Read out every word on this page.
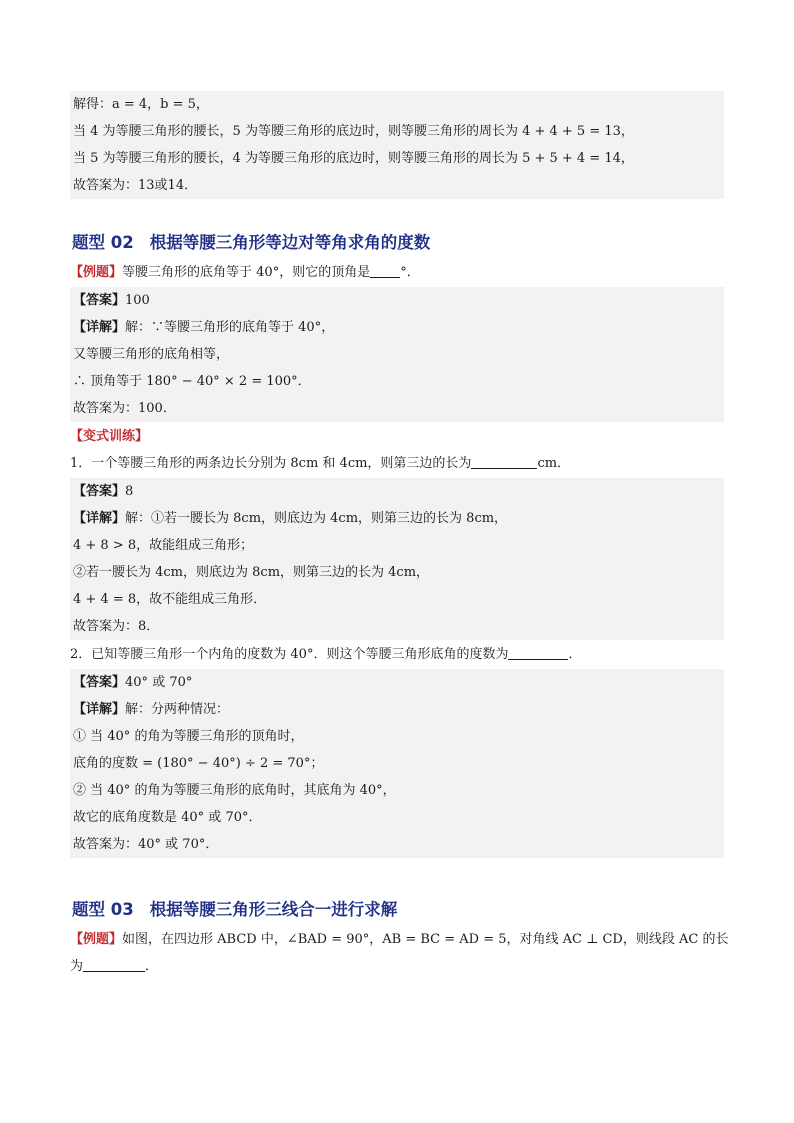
解得：a = 4，b = 5，
当 4 为等腰三角形的腰长，5 为等腰三角形的底边时，则等腰三角形的周长为 4 + 4 + 5 = 13，
当 5 为等腰三角形的腰长，4 为等腰三角形的底边时，则等腰三角形的周长为 5 + 5 + 4 = 14，
故答案为：13或14．
题型 02 根据等腰三角形等边对等角求角的度数
【例题】等腰三角形的底角等于 40°，则它的顶角是 °．
【答案】100
【详解】解：∵等腰三角形的底角等于 40°，
又等腰三角形的底角相等，
∴ 顶角等于 180° − 40° × 2 = 100°．
故答案为：100．
【变式训练】
1．一个等腰三角形的两条边长分别为 8cm 和 4cm，则第三边的长为	cm．
【答案】8
【详解】解：①若一腰长为 8cm，则底边为 4cm，则第三边的长为 8cm，
4 + 8 > 8，故能组成三角形；
②若一腰长为 4cm，则底边为 8cm，则第三边的长为 4cm，
4 + 4 = 8，故不能组成三角形．
故答案为：8．
2．已知等腰三角形一个内角的度数为 40°．则这个等腰三角形底角的度数为	．
【答案】40° 或 70°
【详解】解：分两种情况：
① 当 40° 的角为等腰三角形的顶角时，
底角的度数 = (180° − 40°) ÷ 2 = 70°；
② 当 40° 的角为等腰三角形的底角时，其底角为 40°，
故它的底角度数是 40° 或 70°．
故答案为：40° 或 70°．
题型 03 根据等腰三角形三线合一进行求解
【例题】如图，在四边形 ABCD 中，∠BAD = 90°，AB = BC = AD = 5，对角线 AC ⊥ CD，则线段 AC 的长
为	．
